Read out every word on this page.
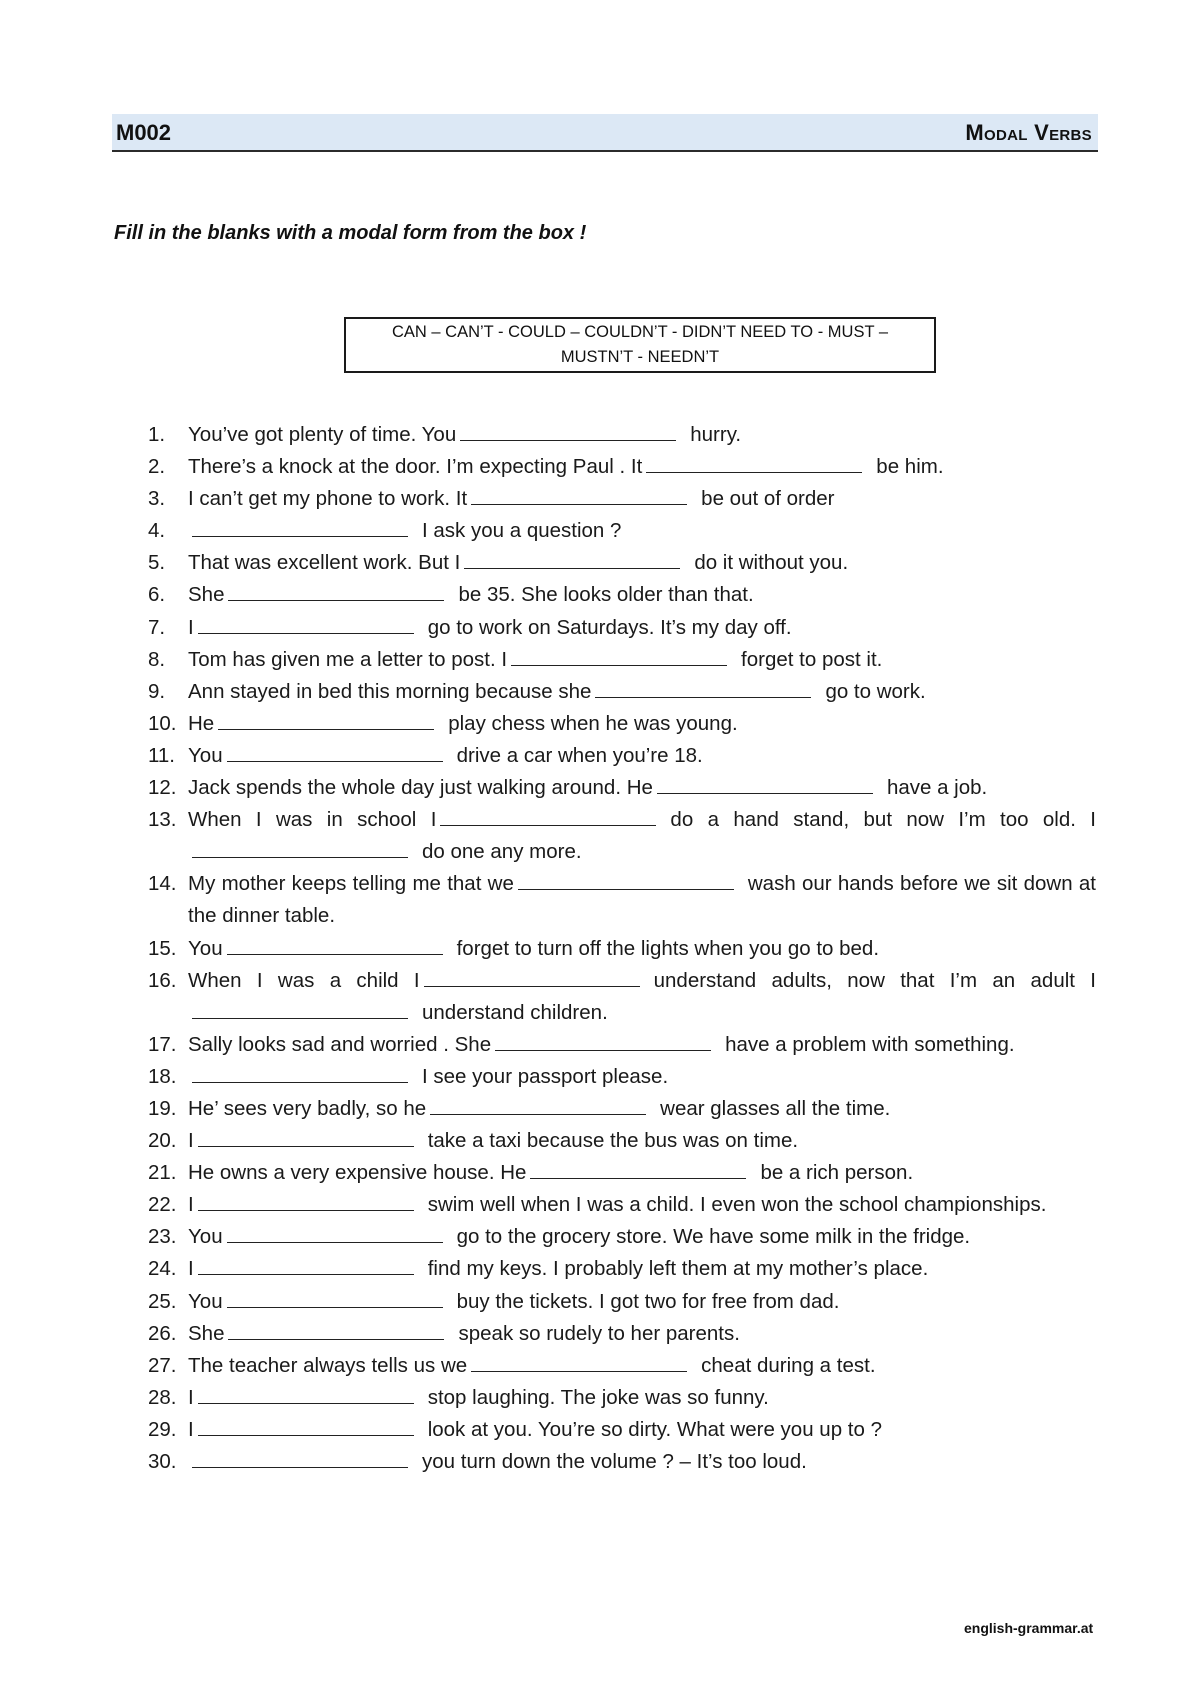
M002	Modal Verbs
Fill in the blanks with a modal form from the box !
CAN – CAN’T - COULD – COULDN’T - DIDN’T NEED TO - MUST – MUSTN’T - NEEDN’T
1.	You’ve got plenty of time. You	hurry.
2.	There’s a knock at the door. I’m expecting Paul . It	be him.
3.	I can’t get my phone to work. It	be out of order
4.	I ask you a question ?
5.	That was excellent work. But I	do it without you.
6.	She	be 35. She looks older than that.
7.	I	go to work on Saturdays. It’s my day off.
8.	Tom has given me a letter to post. I	forget to post it.
9.	Ann stayed in bed this morning because she	go to work.
10. He	play chess when he was young.
11. You	drive a car when you’re 18.
12. Jack spends the whole day just walking around. He	have a job.
13. When I was in school I	do a hand stand, but now I’m too old. Ido one any more.
14. My mother keeps telling me that we	wash our hands before we sit down at the dinner table.
15. You	forget to turn off the lights when you go to bed.
16. When I was a child I	understand adults, now that I’m an adult Iunderstand children.
17. Sally looks sad and worried . She	have a problem with something.
18.	I see your passport please.
19. He’ sees very badly, so he	wear glasses all the time.
20. I	take a taxi because the bus was on time.
21. He owns a very expensive house. He	be a rich person.
22. I	swim well when I was a child. I even won the school championships.
23. You	go to the grocery store. We have some milk in the fridge.
24. I	find my keys. I probably left them at my mother’s place.
25. You	buy the tickets. I got two for free from dad.
26. She	speak so rudely to her parents.
27. The teacher always tells us we	cheat during a test.
28. I	stop laughing. The joke was so funny.
29. I	look at you. You’re so dirty. What were you up to ?
30.	you turn down the volume ? – It’s too loud.
english-grammar.at
